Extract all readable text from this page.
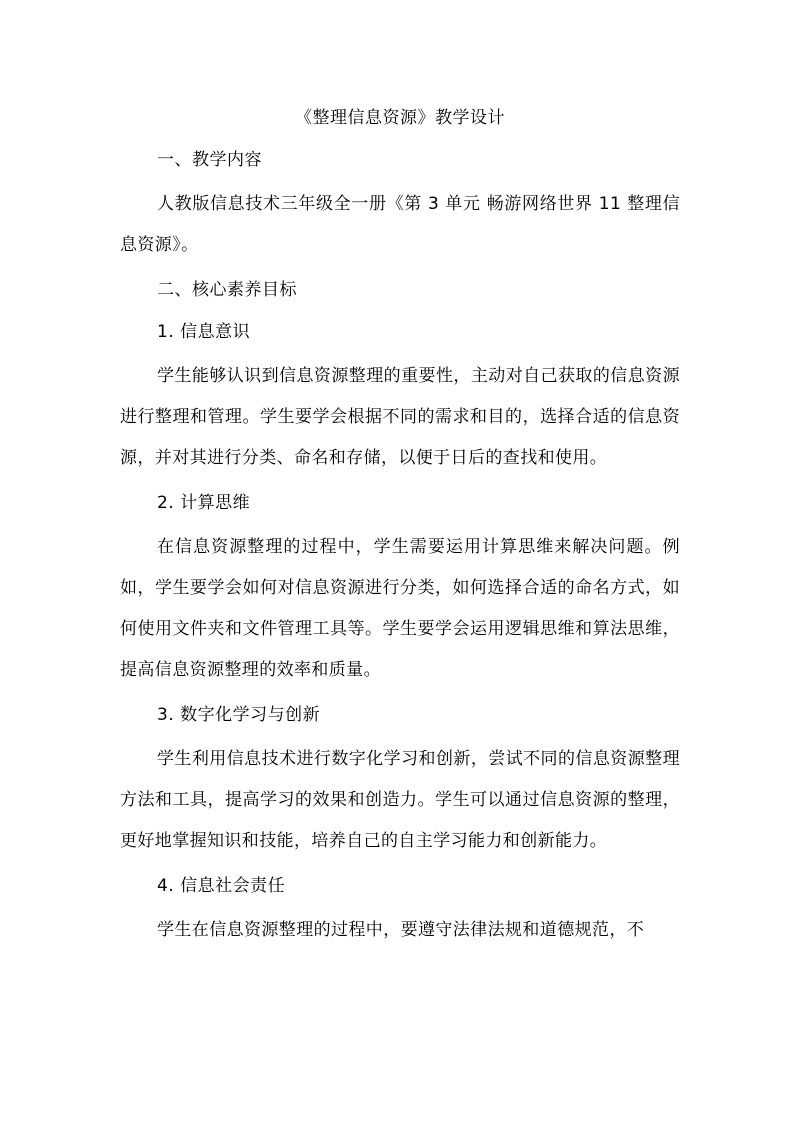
《整理信息资源》教学设计
一、教学内容
人教版信息技术三年级全一册《第 3 单元 畅游网络世界 11 整理信息资源》。
二、核心素养目标
1. 信息意识
学生能够认识到信息资源整理的重要性，主动对自己获取的信息资源进行整理和管理。学生要学会根据不同的需求和目的，选择合适的信息资源，并对其进行分类、命名和存储，以便于日后的查找和使用。
2. 计算思维
在信息资源整理的过程中，学生需要运用计算思维来解决问题。例如，学生要学会如何对信息资源进行分类，如何选择合适的命名方式，如何使用文件夹和文件管理工具等。学生要学会运用逻辑思维和算法思维，提高信息资源整理的效率和质量。
3. 数字化学习与创新
学生利用信息技术进行数字化学习和创新，尝试不同的信息资源整理方法和工具，提高学习的效果和创造力。学生可以通过信息资源的整理，更好地掌握知识和技能，培养自己的自主学习能力和创新能力。
4. 信息社会责任
学生在信息资源整理的过程中，要遵守法律法规和道德规范，不
